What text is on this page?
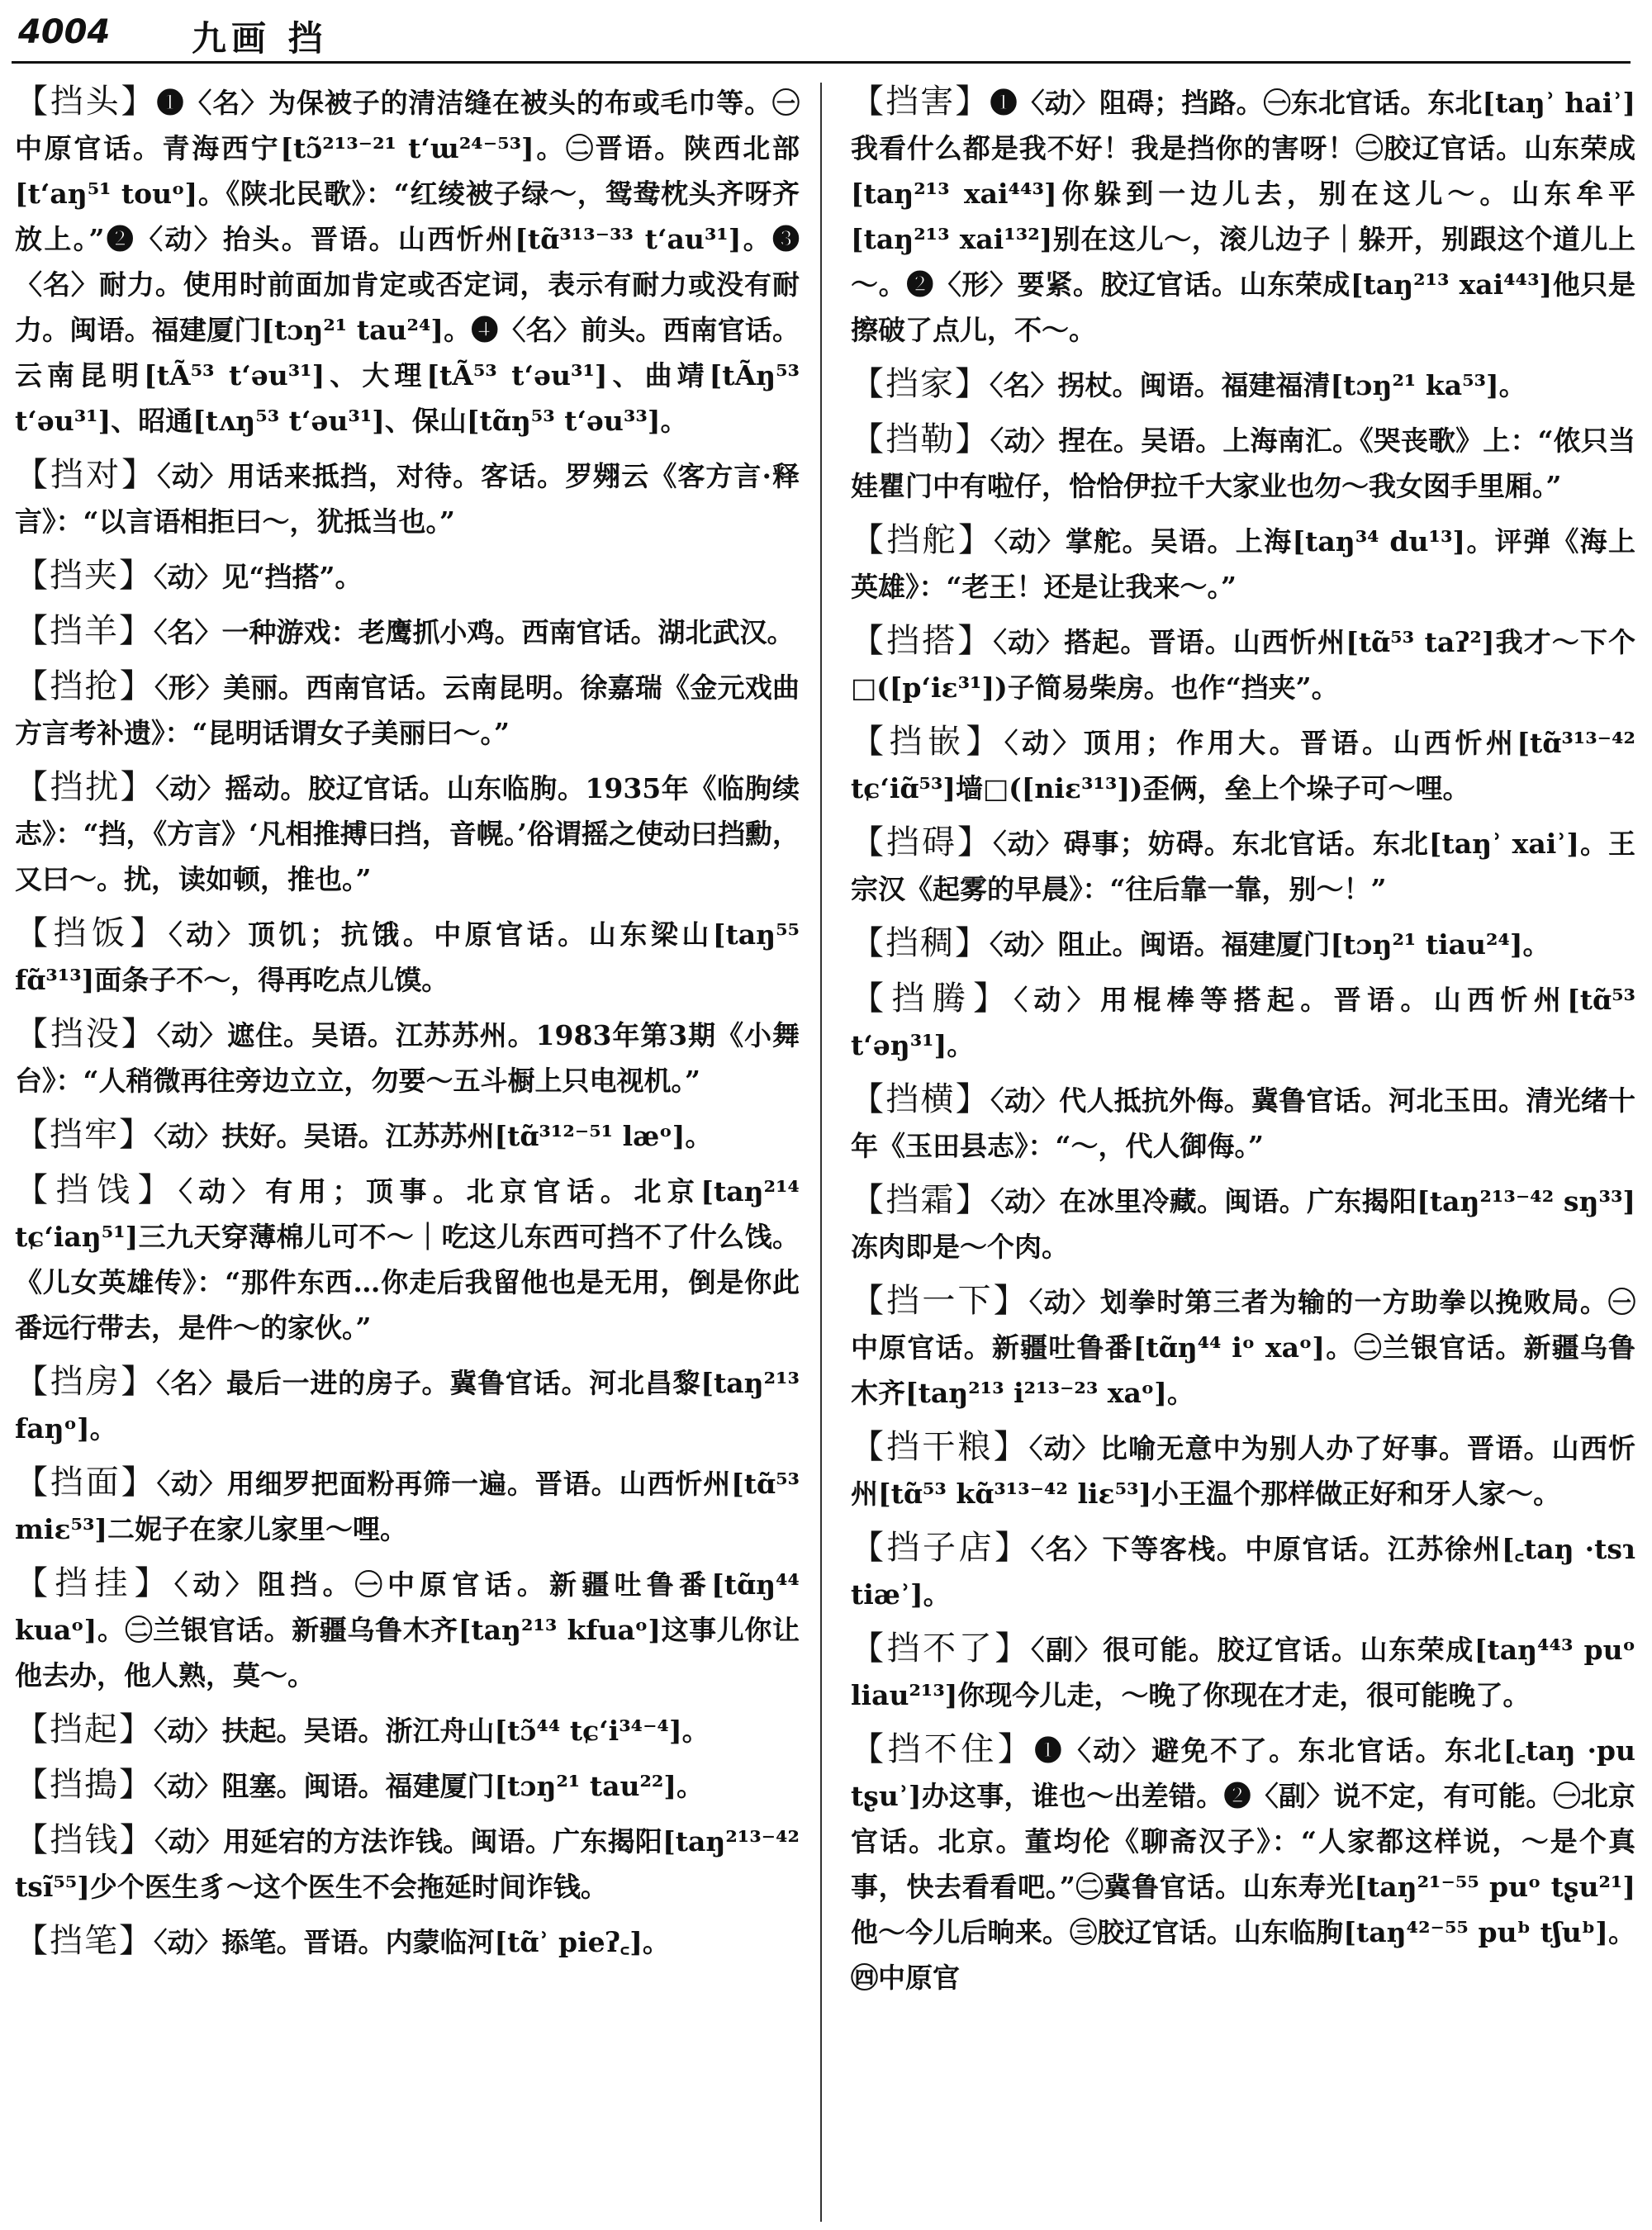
4004 九画 挡

【挡头】❶〈名〉为保被子的清洁缝在被头的布或毛巾等。㊀中原官话。青海西宁[tɔ̃²¹³⁻²¹ tʻɯ²⁴⁻⁵³]。㊁晋语。陕西北部[tʻaŋ⁵¹ touᵒ]。《陕北民歌》：“红绫被子绿～，鸳鸯枕头齐呀齐放上。”❷〈动〉抬头。晋语。山西忻州[tɑ̃³¹³⁻³³ tʻau³¹]。❸〈名〉耐力。使用时前面加肯定或否定词，表示有耐力或没有耐力。闽语。福建厦门[tɔŋ²¹ tau²⁴]。❹〈名〉前头。西南官话。云南昆明[tÃ⁵³ tʻəu³¹]、大理[tÃ⁵³ tʻəu³¹]、曲靖[tÃŋ⁵³ tʻəu³¹]、昭通[tʌŋ⁵³ tʻəu³¹]、保山[tɑ̃ŋ⁵³ tʻəu³³]。

【挡对】〈动〉用话来抵挡，对待。客话。罗翙云《客方言·释言》：“以言语相拒曰～，犹抵当也。”

【挡夹】〈动〉见“挡搭”。

【挡羊】〈名〉一种游戏：老鹰抓小鸡。西南官话。湖北武汉。

【挡抢】〈形〉美丽。西南官话。云南昆明。徐嘉瑞《金元戏曲方言考补遗》：“昆明话谓女子美丽曰～。”

【挡扰】〈动〉摇动。胶辽官话。山东临朐。1935年《临朐续志》：“挡，《方言》‘凡相推搏曰挡，音幌。’俗谓摇之使动曰挡勳，又曰～。扰，读如顿，推也。”

【挡饭】〈动〉顶饥；抗饿。中原官话。山东梁山[taŋ⁵⁵ fɑ̃³¹³]面条子不～，得再吃点儿馍。

【挡没】〈动〉遮住。吴语。江苏苏州。1983年第3期《小舞台》：“人稍微再往旁边立立，勿要～五斗橱上只电视机。”

【挡牢】〈动〉扶好。吴语。江苏苏州[tɑ̃³¹²⁻⁵¹ læᵒ]。

【挡饯】〈动〉有用；顶事。北京官话。北京[taŋ²¹⁴ tɕʻiaŋ⁵¹]三九天穿薄棉儿可不～｜吃这儿东西可挡不了什么饯。《儿女英雄传》：“那件东西…你走后我留他也是无用，倒是你此番远行带去，是件～的家伙。”

【挡房】〈名〉最后一进的房子。冀鲁官话。河北昌黎[taŋ²¹³ faŋᵒ]。

【挡面】〈动〉用细罗把面粉再筛一遍。晋语。山西忻州[tɑ̃⁵³ miɛ⁵³]二妮子在家儿家里～哩。

【挡挂】〈动〉阻挡。㊀中原官话。新疆吐鲁番[tɑ̃ŋ⁴⁴ kuaᵒ]。㊁兰银官话。新疆乌鲁木齐[taŋ²¹³ kfuaᵒ]这事儿你让他去办，他人熟，莫～。

【挡起】〈动〉扶起。吴语。浙江舟山[tɔ̃⁴⁴ tɕʻi³⁴⁻⁴]。

【挡搗】〈动〉阻塞。闽语。福建厦门[tɔŋ²¹ tau²²]。

【挡钱】〈动〉用延宕的方法诈钱。闽语。广东揭阳[taŋ²¹³⁻⁴² tsĩ⁵⁵]少个医生豸～这个医生不会拖延时间诈钱。

【挡笔】〈动〉掭笔。晋语。内蒙临河[tɑ̃ʾ pieʔ꜀]。

【挡害】❶〈动〉阻碍；挡路。㊀东北官话。东北[taŋʾ haiʾ]我看什么都是我不好！我是挡你的害呀！㊁胶辽官话。山东荣成[taŋ²¹³ xai⁴⁴³]你躲到一边儿去，别在这儿～。山东牟平[taŋ²¹³ xai¹³²]别在这儿～，滚儿边子｜躲开，别跟这个道儿上～。❷〈形〉要紧。胶辽官话。山东荣成[taŋ²¹³ xai⁴⁴³]他只是擦破了点儿，不～。

【挡家】〈名〉拐杖。闽语。福建福清[tɔŋ²¹ ka⁵³]。

【挡勒】〈动〉捏在。吴语。上海南汇。《哭丧歌》上：“侬只当娃瞿门中有啦仔，恰恰伊拉千大家业也勿～我女囡手里厢。”

【挡舵】〈动〉掌舵。吴语。上海[taŋ³⁴ du¹³]。评弹《海上英雄》：“老王！还是让我来～。”

【挡搭】〈动〉搭起。晋语。山西忻州[tɑ̃⁵³ taʔ²]我才～下个□([pʻiɛ³¹])子简易柴房。也作“挡夹”。

【挡嵌】〈动〉顶用；作用大。晋语。山西忻州[tɑ̃³¹³⁻⁴² tɕʻiɑ̃⁵³]墙□([niɛ³¹³])歪俩，垒上个垛子可～哩。

【挡碍】〈动〉碍事；妨碍。东北官话。东北[taŋʾ xaiʾ]。王宗汉《起雾的早晨》：“往后靠一靠，别～！”

【挡稠】〈动〉阻止。闽语。福建厦门[tɔŋ²¹ tiau²⁴]。

【挡腾】〈动〉用棍棒等搭起。晋语。山西忻州[tɑ̃⁵³ tʻəŋ³¹]。

【挡横】〈动〉代人抵抗外侮。冀鲁官话。河北玉田。清光绪十年《玉田县志》：“～，代人御侮。”

【挡霜】〈动〉在冰里冷藏。闽语。广东揭阳[taŋ²¹³⁻⁴² sŋ³³]冻肉即是～个肉。

【挡一下】〈动〉划拳时第三者为输的一方助拳以挽败局。㊀中原官话。新疆吐鲁番[tɑ̃ŋ⁴⁴ iᵒ xaᵒ]。㊁兰银官话。新疆乌鲁木齐[taŋ²¹³ i²¹³⁻²³ xaᵒ]。

【挡干粮】〈动〉比喻无意中为别人办了好事。晋语。山西忻州[tɑ̃⁵³ kɑ̃³¹³⁻⁴² liɛ⁵³]小王温个那样做正好和牙人家～。

【挡子店】〈名〉下等客栈。中原官话。江苏徐州[꜀taŋ ·tsɿ tiæʾ]。

【挡不了】〈副〉很可能。胶辽官话。山东荣成[taŋ⁴⁴³ puᵒ liau²¹³]你现今儿走，～晚了你现在才走，很可能晚了。

【挡不住】❶〈动〉避免不了。东北官话。东北[꜀taŋ ·pu tʂuʾ]办这事，谁也～出差错。❷〈副〉说不定，有可能。㊀北京官话。北京。董均伦《聊斋汉子》：“人家都这样说，～是个真事，快去看看吧。”㊁冀鲁官话。山东寿光[taŋ²¹⁻⁵⁵ puᵒ tʂu²¹]他～今儿后晌来。㊂胶辽官话。山东临朐[taŋ⁴²⁻⁵⁵ puᵇ tʃuᵇ]。㊃中原官
